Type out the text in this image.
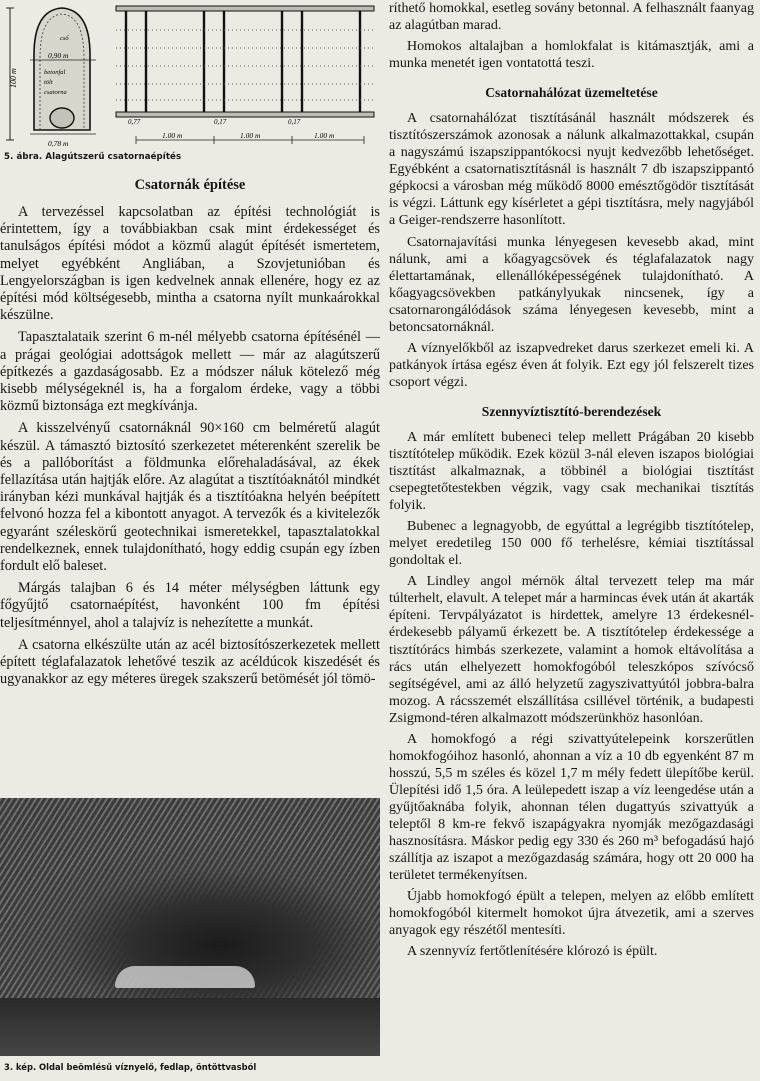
100 m
0,90 m
0,78 m
cső
betonfal
tölt
csatorna
0,77	0,17	0,17
1.00 m	1.00 m	1.00 m
5. ábra. Alagútszerű csatornaépítés
Csatornák építése

A tervezéssel kapcsolatban az építési technológiát is érintettem, így a továbbiakban csak mint érdekességet és tanulságos építési módot a közmű alagút építését ismertetem, melyet egyébként Angliában, a Szovjetunióban és Lengyelországban is igen kedvelnek annak ellenére, hogy ez az építési mód költségesebb, mintha a csatorna nyílt munkaárokkal készülne.

Tapasztalataik szerint 6 m-nél mélyebb csatorna építésénél — a prágai geológiai adottságok mellett — már az alagútszerű építkezés a gazdaságosabb. Ez a módszer náluk kötelező még kisebb mélységeknél is, ha a forgalom érdeke, vagy a többi közmű biztonsága ezt megkívánja.

A kisszelvényű csatornáknál 90×160 cm belméretű alagút készül. A támasztó biztosító szerkezetet méterenként szerelik be és a pallóborítást a földmunka előrehaladásával, az ékek fellazítása után hajtják előre. Az alagútat a tisztítóaknától mindkét irányban kézi munkával hajtják és a tisztítóakna helyén beépített felvonó hozza fel a kibontott anyagot. A tervezők és a kivitelezők egyaránt széleskörű geotechnikai ismeretekkel, tapasztalatokkal rendelkeznek, ennek tulajdonítható, hogy eddig csupán egy ízben fordult elő baleset.

Márgás talajban 6 és 14 méter mélységben láttunk egy főgyűjtő csatornaépítést, havonként 100 fm építési teljesítménnyel, ahol a talajvíz is nehezítette a munkát.

A csatorna elkészülte után az acél biztosítószerkezetek mellett épített téglafalazatok lehetővé teszik az acéldúcok kiszedését és ugyanakkor az egy méteres üregek szakszerű betömését jól tömö-

3. kép. Oldal beömlésű víznyelő, fedlap, öntöttvasból

ríthető homokkal, esetleg sovány betonnal. A felhasznált faanyag az alagútban marad.

Homokos altalajban a homlokfalat is kitámasztják, ami a munka menetét igen vontatottá teszi.

Csatornahálózat üzemeltetése

A csatornahálózat tisztításánál használt módszerek és tisztítószerszámok azonosak a nálunk alkalmazottakkal, csupán a nagyszámú iszapszippantókocsi nyujt kedvezőbb lehetőséget. Egyébként a csatornatisztításnál is használt 7 db iszapszippantó gépkocsi a városban még működő 8000 emésztőgödör tisztítását is végzi. Láttunk egy kísérletet a gépi tisztításra, mely nagyjából a Geiger-rendszerre hasonlított.

Csatornajavítási munka lényegesen kevesebb akad, mint nálunk, ami a kőagyagcsövek és téglafalazatok nagy élettartamának, ellenállóképességének tulajdonítható. A kőagyagcsövekben patkánylyukak nincsenek, így a csatornarongálódások száma lényegesen kevesebb, mint a betoncsatornáknál.

A víznyelőkből az iszapvedreket darus szerkezet emeli ki. A patkányok írtása egész éven át folyik. Ezt egy jól felszerelt tizes csoport végzi.

Szennyvíztisztító-berendezések

A már említett bubeneci telep mellett Prágában 20 kisebb tisztítótelep működik. Ezek közül 3-nál eleven iszapos biológiai tisztítást alkalmaznak, a többinél a biológiai tisztítást csepegtetőtestekben végzik, vagy csak mechanikai tisztítás folyik.

Bubenec a legnagyobb, de egyúttal a legrégibb tisztítótelep, melyet eredetileg 150 000 fő terhelésre, kémiai tisztítással gondoltak el.

A Lindley angol mérnök által tervezett telep ma már túlterhelt, elavult. A telepet már a harmincas évek után át akarták építeni. Tervpályázatot is hirdettek, amelyre 13 érdekesnél-érdekesebb pályamű érkezett be. A tisztítótelep érdekessége a tisztítórács himbás szerkezete, valamint a homok eltávolítása a rács után elhelyezett homokfogóból teleszkópos szívócső segítségével, ami az álló helyzetű zagyszivattyútól jobbra-balra mozog. A rácsszemét elszállítása csillével történik, a budapesti Zsigmond-téren alkalmazott módszerünkhöz hasonlóan.

A homokfogó a régi szivattyútelepeink korszerűtlen homokfogóihoz hasonló, ahonnan a víz a 10 db egyenként 87 m hosszú, 5,5 m széles és közel 1,7 m mély fedett ülepítőbe kerül. Ülepítési idő 1,5 óra. A leülepedett iszap a víz leengedése után a gyűjtőaknába folyik, ahonnan télen dugattyús szivattyúk a teleptől 8 km-re fekvő iszapágyakra nyomják mezőgazdasági hasznosításra. Máskor pedig egy 330 és 260 m³ befogadású hajó szállítja az iszapot a mezőgazdaság számára, hogy ott 20 000 ha területet termékenyítsen.

Újabb homokfogó épült a telepen, melyen az előbb említett homokfogóból kitermelt homokot újra átvezetik, ami a szerves anyagok egy részétől mentesíti.

A szennyvíz fertőtlenítésére klórozó is épült.
